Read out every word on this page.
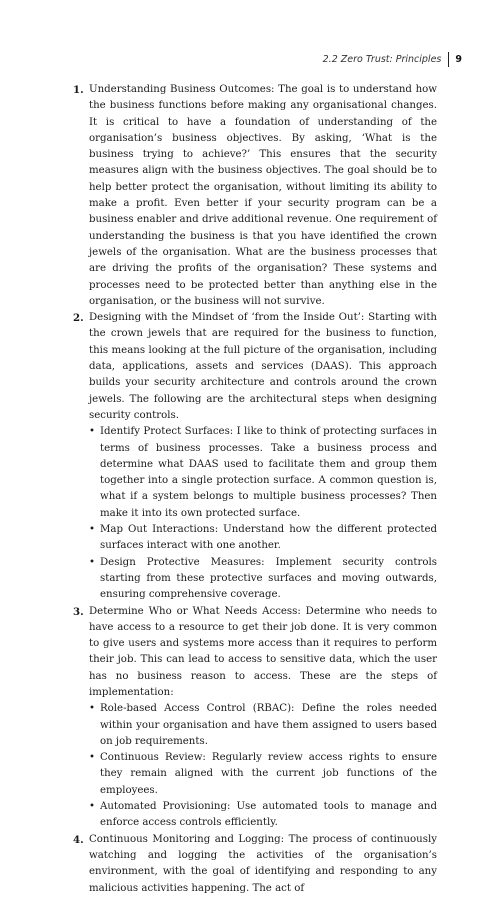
2.2 Zero Trust: Principles 9
1. Understanding Business Outcomes: The goal is to understand how the business functions before making any organisational changes. It is critical to have a foundation of understanding of the organisation’s business objectives. By asking, ‘What is the business trying to achieve?’ This ensures that the security measures align with the business objectives. The goal should be to help better protect the organisation, without limiting its ability to make a profit. Even better if your security program can be a business enabler and drive additional revenue. One requirement of understanding the business is that you have identified the crown jewels of the organisation. What are the business processes that are driving the profits of the organisation? These systems and processes need to be protected better than anything else in the organisation, or the business will not survive.
2. Designing with the Mindset of ‘from the Inside Out’: Starting with the crown jewels that are required for the business to function, this means looking at the full picture of the organisation, including data, applications, assets and services (DAAS). This approach builds your security architecture and controls around the crown jewels. The following are the architectural steps when designing security controls.
• Identify Protect Surfaces: I like to think of protecting surfaces in terms of business processes. Take a business process and determine what DAAS used to facilitate them and group them together into a single protection surface. A common question is, what if a system belongs to multiple business processes? Then make it into its own protected surface.
• Map Out Interactions: Understand how the different protected surfaces interact with one another.
• Design Protective Measures: Implement security controls starting from these protective surfaces and moving outwards, ensuring comprehensive coverage.
3. Determine Who or What Needs Access: Determine who needs to have access to a resource to get their job done. It is very common to give users and systems more access than it requires to perform their job. This can lead to access to sensitive data, which the user has no business reason to access. These are the steps of implementation:
• Role-based Access Control (RBAC): Define the roles needed within your organisation and have them assigned to users based on job requirements.
• Continuous Review: Regularly review access rights to ensure they remain aligned with the current job functions of the employees.
• Automated Provisioning: Use automated tools to manage and enforce access controls efficiently.
4. Continuous Monitoring and Logging: The process of continuously watching and logging the activities of the organisation’s environment, with the goal of identifying and responding to any malicious activities happening. The act of
